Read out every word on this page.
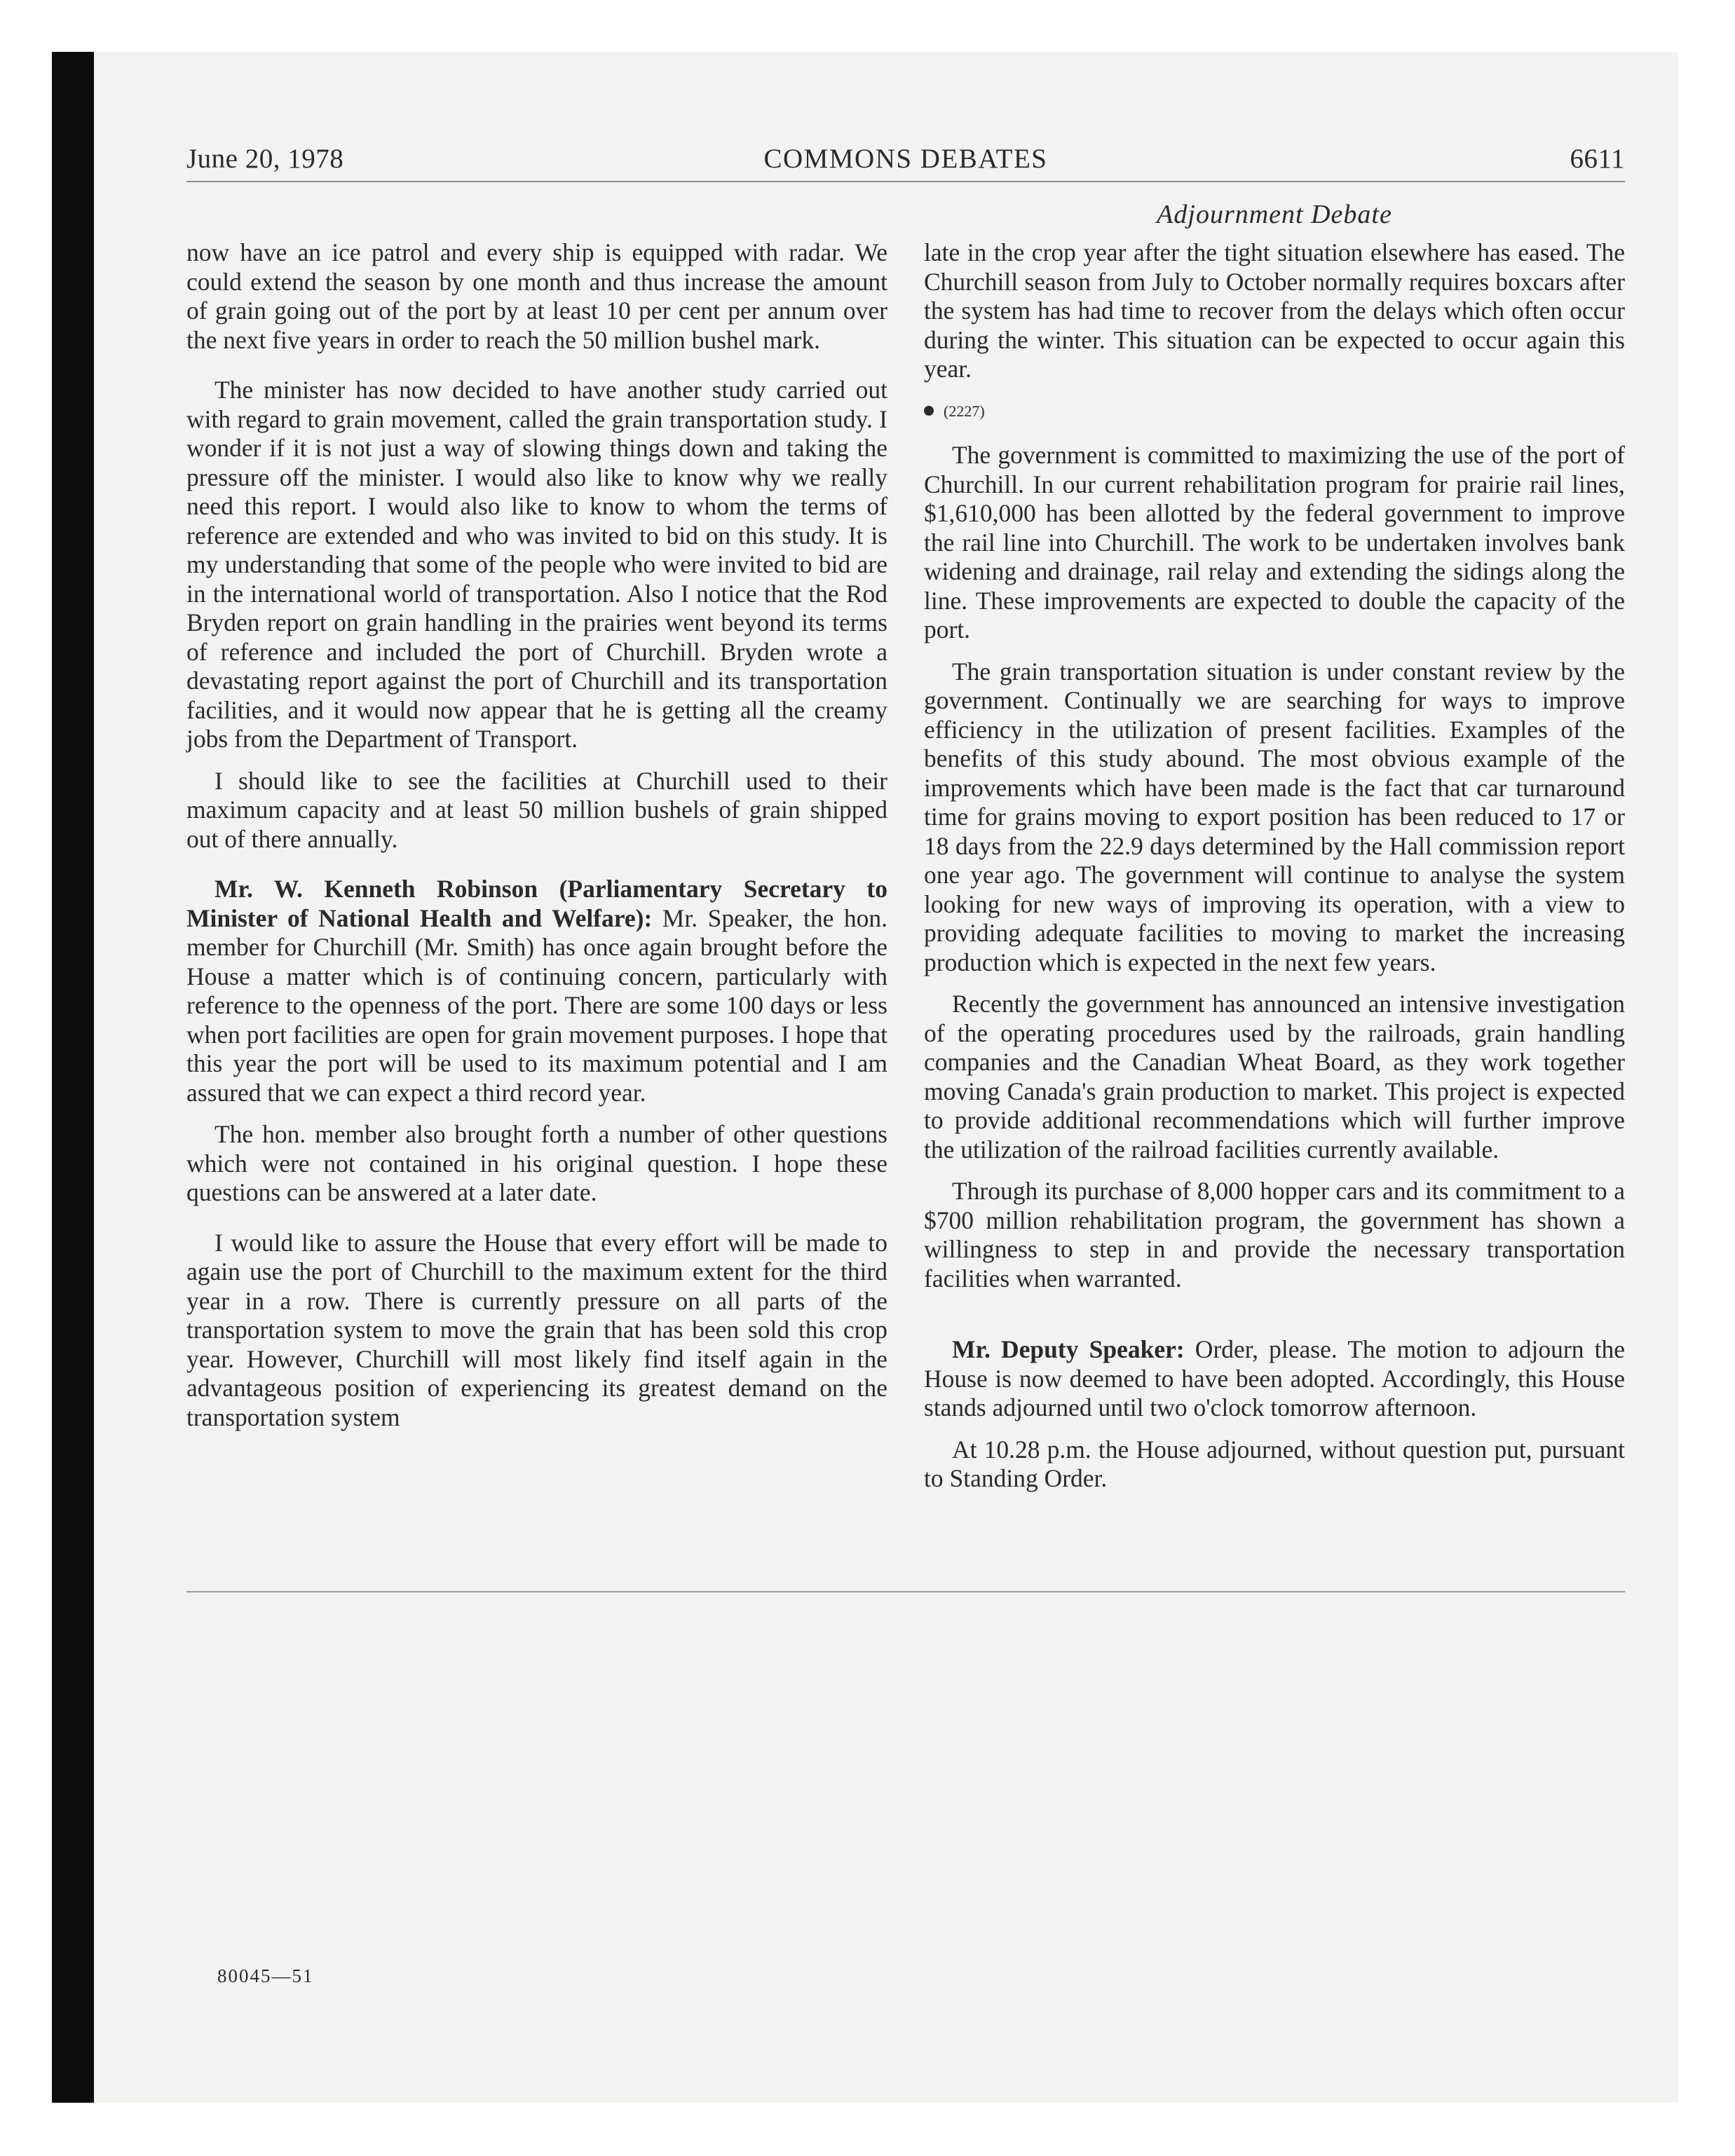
June 20, 1978	COMMONS DEBATES	6611
Adjournment Debate

now have an ice patrol and every ship is equipped with radar. We could extend the season by one month and thus increase the amount of grain going out of the port by at least 10 per cent per annum over the next five years in order to reach the 50 million bushel mark.

The minister has now decided to have another study carried out with regard to grain movement, called the grain transportation study. I wonder if it is not just a way of slowing things down and taking the pressure off the minister. I would also like to know why we really need this report. I would also like to know to whom the terms of reference are extended and who was invited to bid on this study. It is my understanding that some of the people who were invited to bid are in the international world of transportation. Also I notice that the Rod Bryden report on grain handling in the prairies went beyond its terms of reference and included the port of Churchill. Bryden wrote a devastating report against the port of Churchill and its transportation facilities, and it would now appear that he is getting all the creamy jobs from the Department of Transport.

I should like to see the facilities at Churchill used to their maximum capacity and at least 50 million bushels of grain shipped out of there annually.

Mr. W. Kenneth Robinson (Parliamentary Secretary to Minister of National Health and Welfare): Mr. Speaker, the hon. member for Churchill (Mr. Smith) has once again brought before the House a matter which is of continuing concern, particularly with reference to the openness of the port. There are some 100 days or less when port facilities are open for grain movement purposes. I hope that this year the port will be used to its maximum potential and I am assured that we can expect a third record year.

The hon. member also brought forth a number of other questions which were not contained in his original question. I hope these questions can be answered at a later date.

I would like to assure the House that every effort will be made to again use the port of Churchill to the maximum extent for the third year in a row. There is currently pressure on all parts of the transportation system to move the grain that has been sold this crop year. However, Churchill will most likely find itself again in the advantageous position of experiencing its greatest demand on the transportation system

late in the crop year after the tight situation elsewhere has eased. The Churchill season from July to October normally requires boxcars after the system has had time to recover from the delays which often occur during the winter. This situation can be expected to occur again this year.

(2227)

The government is committed to maximizing the use of the port of Churchill. In our current rehabilitation program for prairie rail lines, $1,610,000 has been allotted by the federal government to improve the rail line into Churchill. The work to be undertaken involves bank widening and drainage, rail relay and extending the sidings along the line. These improvements are expected to double the capacity of the port.

The grain transportation situation is under constant review by the government. Continually we are searching for ways to improve efficiency in the utilization of present facilities. Examples of the benefits of this study abound. The most obvious example of the improvements which have been made is the fact that car turnaround time for grains moving to export position has been reduced to 17 or 18 days from the 22.9 days determined by the Hall commission report one year ago. The government will continue to analyse the system looking for new ways of improving its operation, with a view to providing adequate facilities to moving to market the increasing production which is expected in the next few years.

Recently the government has announced an intensive investigation of the operating procedures used by the railroads, grain handling companies and the Canadian Wheat Board, as they work together moving Canada's grain production to market. This project is expected to provide additional recommendations which will further improve the utilization of the railroad facilities currently available.

Through its purchase of 8,000 hopper cars and its commitment to a $700 million rehabilitation program, the government has shown a willingness to step in and provide the necessary transportation facilities when warranted.

Mr. Deputy Speaker: Order, please. The motion to adjourn the House is now deemed to have been adopted. Accordingly, this House stands adjourned until two o'clock tomorrow afternoon.

At 10.28 p.m. the House adjourned, without question put, pursuant to Standing Order.

80045—51
